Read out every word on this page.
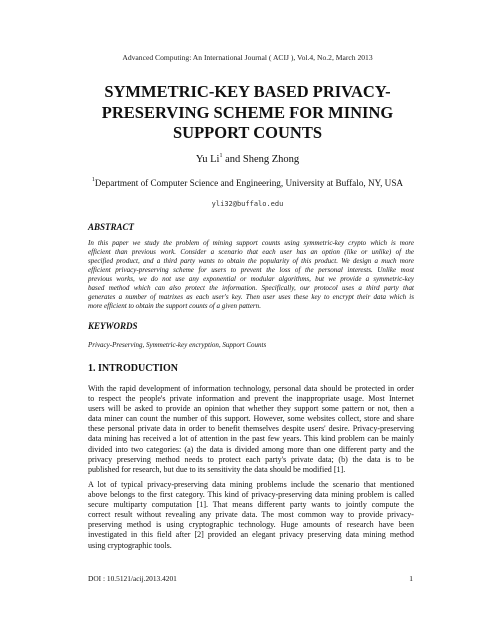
Advanced Computing: An International Journal ( ACIJ ), Vol.4, No.2, March 2013
SYMMETRIC-KEY BASED PRIVACY-
PRESERVING SCHEME FOR MINING
SUPPORT COUNTS
Yu Li$^1$ and Sheng Zhong
$^1$Department of Computer Science and Engineering, University at Buffalo, NY, USA
yli32@buffalo.edu
ABSTRACT
In this paper we study the problem of mining support counts using symmetric-key crypto which is more
efficient than previous work. Consider a scenario that each user has an option (like or unlike) of the
specified product, and a third party wants to obtain the popularity of this product. We design a much more
efficient privacy-preserving scheme for users to prevent the loss of the personal interests. Unlike most
previous works, we do not use any exponential or modular algorithms, but we provide a symmetric-key
based method which can also protect the information. Specifically, our protocol uses a third party that
generates a number of matrixes as each user's key. Then user uses these key to encrypt their data which is
more efficient to obtain the support counts of a given pattern.
KEYWORDS
Privacy-Preserving, Symmetric-key encryption, Support Counts
1. INTRODUCTION
With the rapid development of information technology, personal data should be protected in order
to respect the people's private information and prevent the inappropriate usage. Most Internet
users will be asked to provide an opinion that whether they support some pattern or not, then a
data miner can count the number of this support. However, some websites collect, store and share
these personal private data in order to benefit themselves despite users' desire. Privacy-preserving
data mining has received a lot of attention in the past few years. This kind problem can be mainly
divided into two categories: (a) the data is divided among more than one different party and the
privacy preserving method needs to protect each party's private data; (b) the data is to be
published for research, but due to its sensitivity the data should be modified [1].
A lot of typical privacy-preserving data mining problems include the scenario that mentioned
above belongs to the first category. This kind of privacy-preserving data mining problem is called
secure multiparty computation [1]. That means different party wants to jointly compute the
correct result without revealing any private data. The most common way to provide privacy-
preserving method is using cryptographic technology. Huge amounts of research have been
investigated in this field after [2] provided an elegant privacy preserving data mining method
using cryptographic tools.
DOI : 10.5121/acij.2013.4201	1
